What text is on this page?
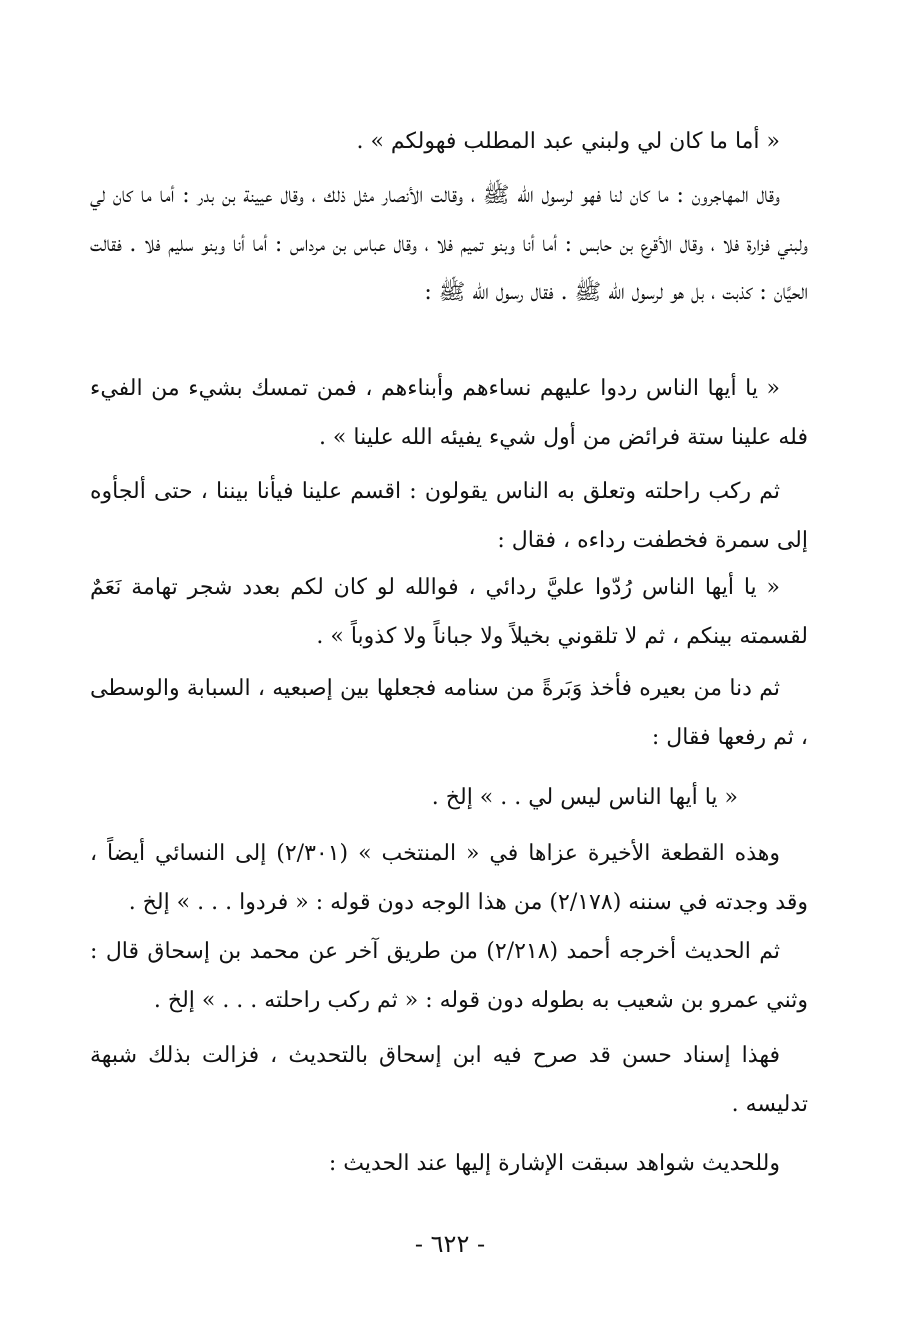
« أما ما كان لي ولبني عبد المطلب فهولكم » .

وقال المهاجرون : ما كان لنا فهو لرسول الله ﷺ ، وقالت الأنصار مثل ذلك ، وقال عيينة بن بدر : أما ما كان لي ولبني فزارة فلا ، وقال الأقرع بن حابس : أما أنا وبنو تميم فلا ، وقال عباس بن مرداس : أما أنا وبنو سليم فلا . فقالت الحيَّان : كذبت ، بل هو لرسول الله ﷺ . فقال رسول الله ﷺ :

« يا أيها الناس ردوا عليهم نساءهم وأبناءهم ، فمن تمسك بشيء من الفيء فله علينا ستة فرائض من أول شيء يفيئه الله علينا » .

ثم ركب راحلته وتعلق به الناس يقولون : اقسم علينا فيأنا بيننا ، حتى ألجأوه إلى سمرة فخطفت رداءه ، فقال :

« يا أيها الناس رُدّوا عليَّ ردائي ، فوالله لو كان لكم بعدد شجر تهامة نَعَمٌ لقسمته بينكم ، ثم لا تلقوني بخيلاً ولا جباناً ولا كذوباً » .

ثم دنا من بعيره فأخذ وَبَرةً من سنامه فجعلها بين إصبعيه ، السبابة والوسطى ، ثم رفعها فقال :

« يا أيها الناس ليس لي . . » إلخ .

وهذه القطعة الأخيرة عزاها في « المنتخب » (٢/٣٠١) إلى النسائي أيضاً ، وقد وجدته في سننه (٢/١٧٨) من هذا الوجه دون قوله : « فردوا . . . » إلخ .

ثم الحديث أخرجه أحمد (٢/٢١٨) من طريق آخر عن محمد بن إسحاق قال : وثني عمرو بن شعيب به بطوله دون قوله : « ثم ركب راحلته . . . » إلخ .

فهذا إسناد حسن قد صرح فيه ابن إسحاق بالتحديث ، فزالت بذلك شبهة تدليسه .

وللحديث شواهد سبقت الإشارة إليها عند الحديث :

- ٦٢٢ -
